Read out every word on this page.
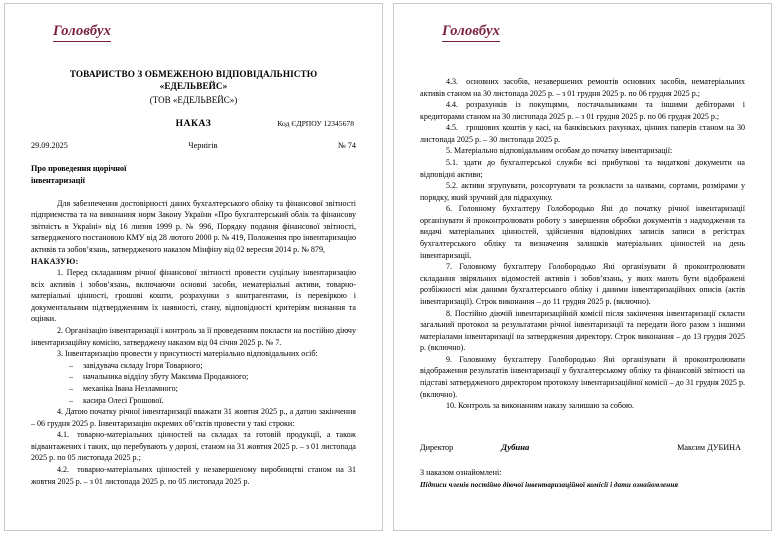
Головбух
ТОВАРИСТВО З ОБМЕЖЕНОЮ ВІДПОВІДАЛЬНІСТЮ
«ЕДЕЛЬВЕЙС»
(ТОВ «ЕДЕЛЬВЕЙС»)
Код ЄДРПОУ 12345678
НАКАЗ
29.09.2025	Чернігів	№ 74
Про проведення щорічної
інвентаризації

Для забезпечення достовірності даних бухгалтерського обліку та фінансової звітності підприємства та на виконання норм Закону України «Про бухгалтерський облік та фінансову звітність в Україні» від 16 липня 1999 р. № 996, Порядку подання фінансової звітності, затвердженого постановою КМУ від 28 лютого 2000 р. № 419, Положення про інвентаризацію активів та зобов’язань, затвердженого наказом Мінфіну від 02 вересня 2014 р. № 879,

НАКАЗУЮ:

1. Перед складанням річної фінансової звітності провести суцільну інвентаризацію всіх активів і зобов’язань, включаючи основні засоби, нематеріальні активи, товарно-матеріальні цінності, грошові кошти, розрахунки з контрагентами, із перевіркою і документальним підтвердженням їх наявності, стану, відповідності критеріям визнання та оцінки.

2. Організацію інвентаризації і контроль за її проведенням покласти на постійно діючу інвентаризаційну комісію, затверджену наказом від 04 січня 2025 р. № 7.

3. Інвентаризацію провести у присутності матеріально відповідальних осіб:

– завідувача складу Ігоря Товарного;
– начальника відділу збуту Максима Продажного;
– механіка Івана Незламного;
– касира Олесі Грошової.

4. Датою початку річної інвентаризації вважати 31 жовтня 2025 р., а датою закінчення – 06 грудня 2025 р. Інвентаризацію окремих об’єктів провести у такі строки:

4.1. товарно-матеріальних цінностей на складах та готовій продукції, а також відвантажених і таких, що перебувають у дорозі, станом на 31 жовтня 2025 р. – з 01 листопада 2025 р. по 05 листопада 2025 р.;

4.2. товарно-матеріальних цінностей у незавершеному виробництві станом на 31 жовтня 2025 р. – з 01 листопада 2025 р. по 05 листопада 2025 р.

Головбух

4.3. основних засобів, незавершених ремонтів основних засобів, нематеріальних активів станом на 30 листопада 2025 р. – з 01 грудня 2025 р. по 06 грудня 2025 р.;

4.4. розрахунків із покупцями, постачальниками та іншими дебіторами і кредиторами станом на 30 листопада 2025 р. – з 01 грудня 2025 р. по 06 грудня 2025 р.;

4.5. грошових коштів у касі, на банківських рахунках, цінних паперів станом на 30 листопада 2025 р. – 30 листопада 2025 р.

5. Матеріально відповідальним особам до початку інвентаризації:

5.1. здати до бухгалтерської служби всі прибуткові та видаткові документи на відповідні активи;

5.2. активи згрупувати, розсортувати та розкласти за назвами, сортами, розмірами у порядку, який зручний для підрахунку.

6. Головному бухгалтеру Голобородько Яні до початку річної інвентаризації організувати й проконтролювати роботу з завершення обробки документів з надходження та видачі матеріальних цінностей, здійснення відповідних записів записи в регістрах бухгалтерського обліку та визначення залишків матеріальних цінностей на день інвентаризації.

7. Головному бухгалтеру Голобородько Яні організувати й проконтролювати складання звіряльних відомостей активів і зобов’язань, у яких мають бути відображені розбіжності між даними бухгалтерського обліку і даними інвентаризаційних описів (актів інвентаризації). Строк виконання – до 11 грудня 2025 р. (включно).

8. Постійно діючій інвентаризаційній комісії після закінчення інвентаризації скласти загальний протокол за результатами річної інвентаризації та передати його разом з іншими матеріалами інвентаризації на затвердження директору. Строк виконання – до 13 грудня 2025 р. (включно).

9. Головному бухгалтеру Голобородько Яні організувати й проконтролювати відображення результатів інвентаризації у бухгалтерському обліку та фінансовій звітності на підставі затвердженого директором протоколу інвентаризаційної комісії – до 31 грудня 2025 р. (включно).

10. Контроль за виконанням наказу залишаю за собою.

Директор	Дубина	Максим ДУБИНА
З наказом ознайомлені:
Підписи членів постійно діючої інвентаризаційної комісії і дати ознайомлення
